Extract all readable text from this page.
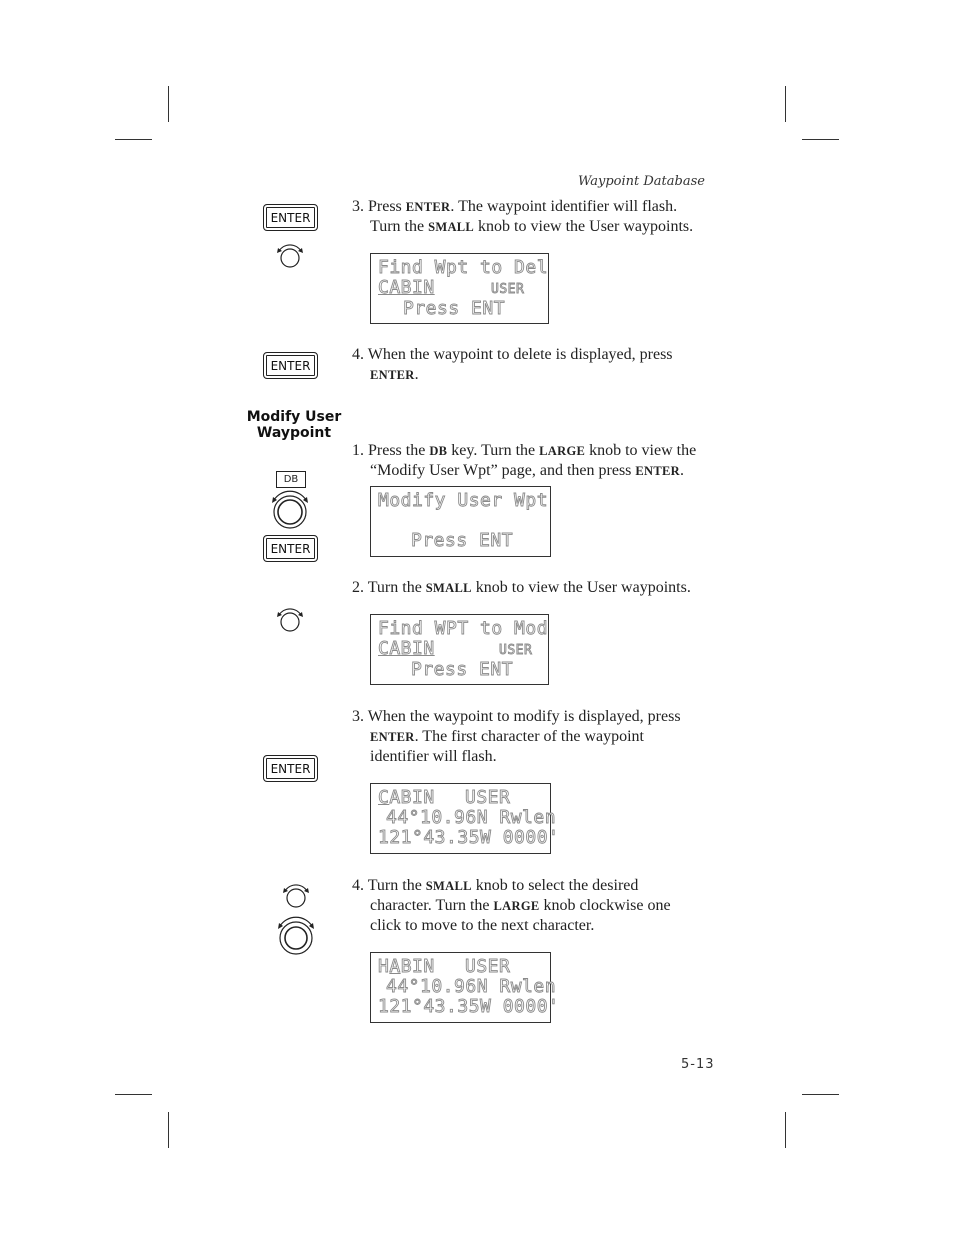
Waypoint Database
5-13
ENTER
3. Press ENTER. The waypoint identifier will flash.
Turn the SMALL knob to view the User waypoints.
Find Wpt to Del
CABIN	USER
Press ENT
ENTER
4. When the waypoint to delete is displayed, press
ENTER.
Modify User Waypoint
1. Press the DB key. Turn the LARGE knob to view the
“Modify User Wpt” page, and then press ENTER.
DB
ENTER
Modify User Wpt
Press ENT
2. Turn the SMALL knob to view the User waypoints.
Find WPT to Mod
CABIN	USER
Press ENT
3. When the waypoint to modify is displayed, press
ENTER. The first character of the waypoint
identifier will flash.
ENTER
CABIN USER
44°10.96N Rwlen
121°43.35W 0000'
4. Turn the SMALL knob to select the desired
character. Turn the LARGE knob clockwise one
click to move to the next character.
HABIN USER
44°10.96N Rwlen
121°43.35W 0000'
